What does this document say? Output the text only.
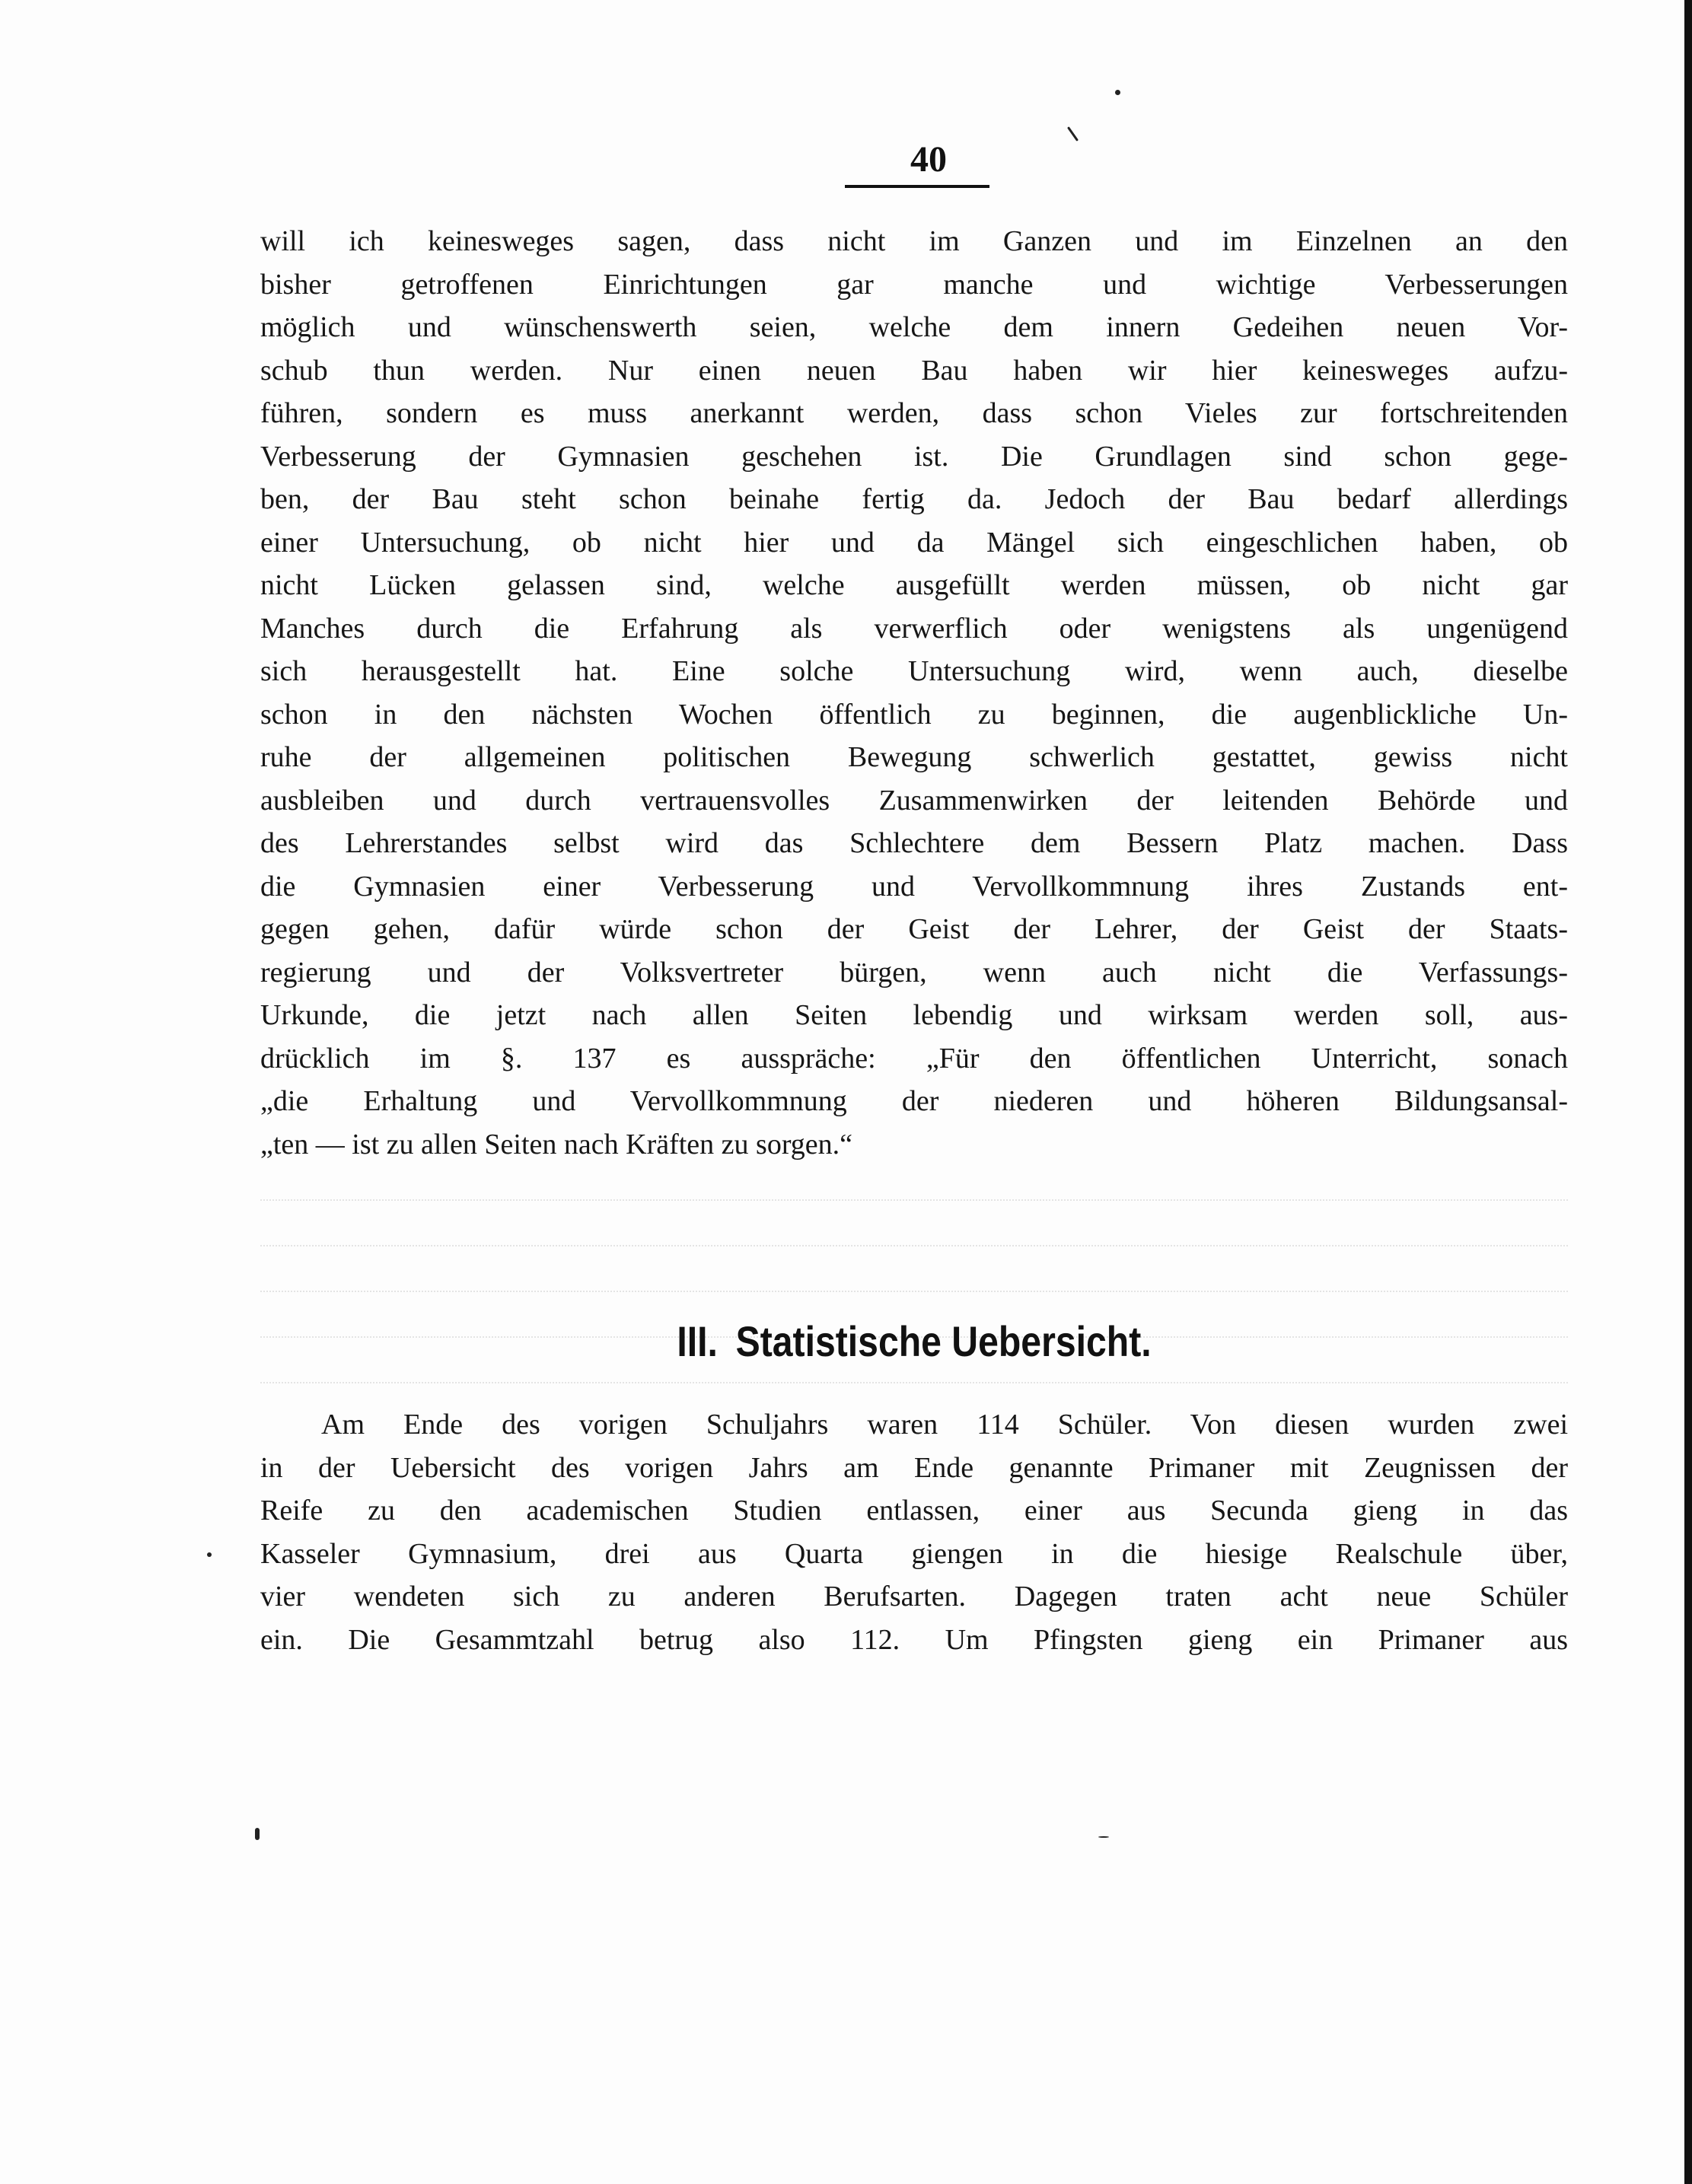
40
will ich keinesweges sagen, dass nicht im Ganzen und im Einzelnen an den
bisher getroffenen Einrichtungen gar manche und wichtige Verbesserungen
möglich und wünschenswerth seien, welche dem innern Gedeihen neuen Vor-
schub thun werden. Nur einen neuen Bau haben wir hier keinesweges aufzu-
führen, sondern es muss anerkannt werden, dass schon Vieles zur fortschreitenden
Verbesserung der Gymnasien geschehen ist. Die Grundlagen sind schon gege-
ben, der Bau steht schon beinahe fertig da. Jedoch der Bau bedarf allerdings
einer Untersuchung, ob nicht hier und da Mängel sich eingeschlichen haben, ob
nicht Lücken gelassen sind, welche ausgefüllt werden müssen, ob nicht gar
Manches durch die Erfahrung als verwerflich oder wenigstens als ungenügend
sich herausgestellt hat. Eine solche Untersuchung wird, wenn auch, dieselbe
schon in den nächsten Wochen öffentlich zu beginnen, die augenblickliche Un-
ruhe der allgemeinen politischen Bewegung schwerlich gestattet, gewiss nicht
ausbleiben und durch vertrauensvolles Zusammenwirken der leitenden Behörde und
des Lehrerstandes selbst wird das Schlechtere dem Bessern Platz machen. Dass
die Gymnasien einer Verbesserung und Vervollkommnung ihres Zustands ent-
gegen gehen, dafür würde schon der Geist der Lehrer, der Geist der Staats-
regierung und der Volksvertreter bürgen, wenn auch nicht die Verfassungs-
Urkunde, die jetzt nach allen Seiten lebendig und wirksam werden soll, aus-
drücklich im §. 137 es ausspräche: „Für den öffentlichen Unterricht, sonach
„die Erhaltung und Vervollkommnung der niederen und höheren Bildungsansal-
„ten — ist zu allen Seiten nach Kräften zu sorgen.“
III. Statistische Uebersicht.
Am Ende des vorigen Schuljahrs waren 114 Schüler. Von diesen wurden zwei
in der Uebersicht des vorigen Jahrs am Ende genannte Primaner mit Zeugnissen der
Reife zu den academischen Studien entlassen, einer aus Secunda gieng in das
Kasseler Gymnasium, drei aus Quarta giengen in die hiesige Realschule über,
vier wendeten sich zu anderen Berufsarten. Dagegen traten acht neue Schüler
ein. Die Gesammtzahl betrug also 112. Um Pfingsten gieng ein Primaner aus
